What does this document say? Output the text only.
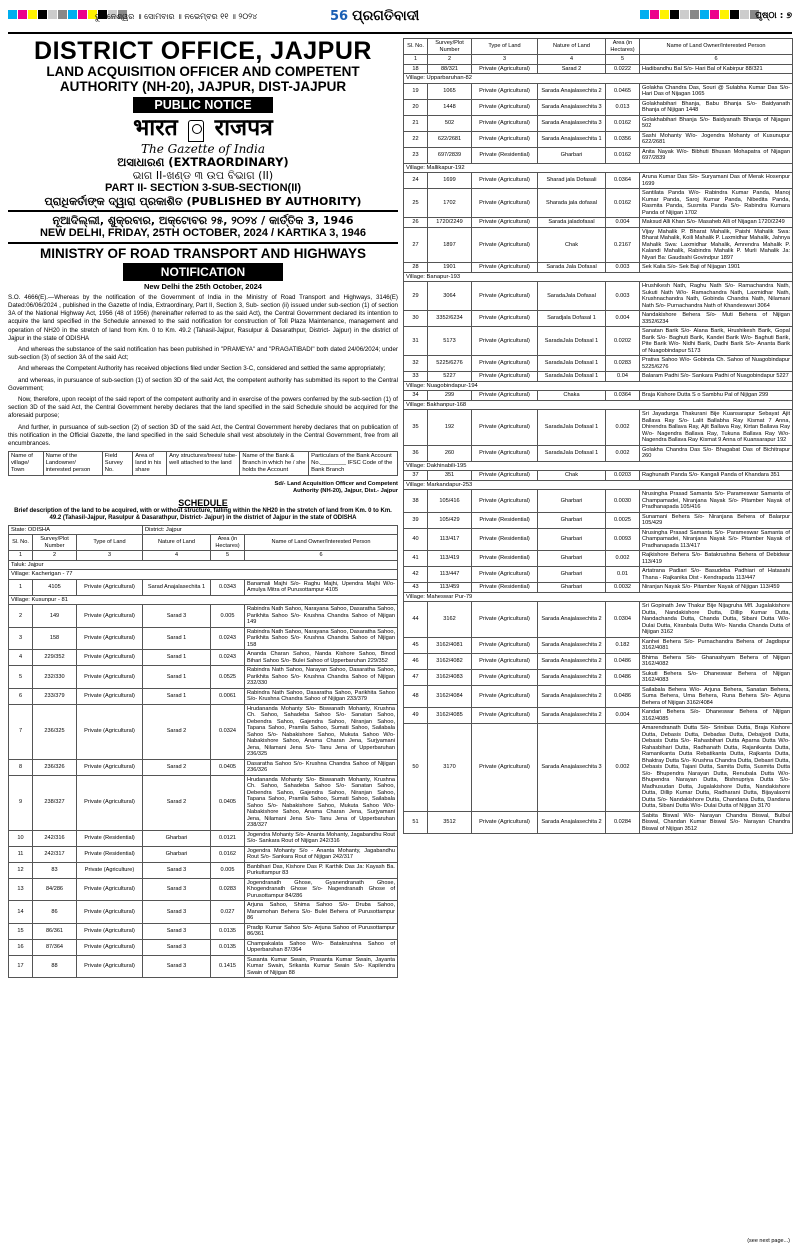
ଭୁବନେଶ୍ୱର ॥ ସୋମବାର ॥ ନଭେମ୍ବର ୧୧ ॥ ୨୦୨୪	56 ପ୍ରଗତିବାଦୀ	ପୃଷ୍ଠା : ୭
DISTRICT OFFICE, JAJPUR
LAND ACQUISITION OFFICER AND COMPETENT AUTHORITY (NH-20), JAJPUR, DIST-JAJPUR
PUBLIC NOTICE
भारत राजपत्र
The Gazette of India
ଅସାଧାରଣ (EXTRAORDINARY)
ଭାଗ II-ଖଣ୍ଡ ୩ ଉପ ବିଭାଗ (II)
PART II- SECTION 3-SUB-SECTION(II)
ପ୍ରାଧିକର୍ତାଙ୍କ ଦ୍ୱାରା ପ୍ରକାଶିତ (PUBLISHED BY AUTHORITY)
ନୂଆଦିଲ୍ଲୀ, ଶୁକ୍ରବାର, ଅକ୍ଟୋବର ୨୫, ୨୦୨୪ / କାର୍ତ୍ତିକ 3, 1946
NEW DELHI, FRIDAY, 25TH OCTOBER, 2024 / KARTIKA 3, 1946
MINISTRY OF ROAD TRANSPORT AND HIGHWAYS
NOTIFICATION
New Delhi the 25th October, 2024

S.O. 4666(E).—Whereas by the notification of the Government of India in the Ministry of Road Transport and Highways, 3146(E) Dated:06/06/2024 , published in the Gazette of India, Extraordinary, Part II, Section 3, Sub- section (ii) issued under sub-section (1) of section 3A of the National Highway Act, 1956 (48 of 1956) (hereinafter referred to as the said Act), the Central Government declared its intention to acquire the land specified in the Schedule annexed to the said notification for construction of Toll Plaza Maintenance, management and operation of NH20 in the stretch of land from Km. 0 to Km. 49.2 (Tahasil-Jajpur, Rasulpur & Dasarathpur, District- Jajpur) in the district of Jajpur in the state of ODISHA

And whereas the substance of the said notification has been published in "PRAMEYA" and "PRAGATIBADI" both dated 24/06/2024; under sub-section (3) of section 3A of the said Act;

And whereas the Competent Authority has received objections filed under Section 3-C, considered and settled the same appropriately;

and whereas, in pursuance of sub-section (1) of section 3D of the said Act, the competent authority has submitted its report to the Central Government;

Now, therefore, upon receipt of the said report of the competent authority and in exercise of the powers conferred by the sub-section (1) of section 3D of the said Act, the Central Government hereby declares that the land specified in the said Schedule should be acquired for the aforesaid purpose;

And further, in pursuance of sub-section (2) of section 3D of the said Act, the Central Government hereby declares that on publication of this notification in the Official Gazette, the land specified in the said Schedule shall vest absolutely in the Central Government, free from all encumbrances.

Name of village/ Town	Name of the Landowner/ interested person	Field Survey No.	Area of land in his share	Any structures/trees/ tube-well attached to the land	Name of the Bank & Branch in which he / she holds the Account	Particulars of the Bank Account No.________ IFSC Code of the Bank Branch
Sd/- Land Acquisition Officer and Competent
Authority (NH-20), Jajpur, Dist.- Jajpur
SCHEDULE
Brief description of the land to be acquired, with or without structure, falling within the NH20 in the stretch of land from Km. 0 to Km. 49.2 (Tahasil-Jajpur, Rasulpur & Dasarathpur, District- Jajpur) in the district of Jajpur in the state of ODISHA
State: ODISHA			District: Jajpur		
Sl. No.	Survey/Plot Number	Type of Land	Nature of Land	Area (in Hectares)	Name of Land Owner/Interested Person
1	2	3	4	5	6
Taluk: Jajpur					
Village: Kacherigan - 77					
1	4105	Private (Agricultural)	Sarad Anajalasechita 1	0.0343	Banamali Majhi S/o- Raghu Majhi, Upendra Majhi W/o- Amulya Mitra of Purusottampur 4105
Village: Kusunpur - 81					
2	149	Private (Agricultural)	Sarad 3	0.005	Rabindra Nath Sahoo, Narayana Sahoo, Dasaratha Sahoo, Parikhita Sahoo S/o- Krushna Chandra Sahoo of Nijigan 149
3	158	Private (Agricultural)	Sarad 1	0.0243	Rabindra Nath Sahoo, Narayana Sahoo, Dasaratha Sahoo, Parikhita Sahoo S/o- Krushna Chandra Sahoo of Nijigan 158
4	229/352	Private (Agricultural)	Sarad 1	0.0243	Ananda Charan Sahoo, Nanda Kishore Sahoo, Binod Bihari Sahoo S/o- Bulei Sahoo of Upperbaruhan 229/352
5	232/330	Private (Agricultural)	Sarad 1	0.0525	Rabindra Nath Sahoo, Narayan Sahoo, Dasaratha Sahoo, Parikhita Sahoo S/o- Krushna Chandra Sahoo of Nijigan 232/330
6	233/379	Private (Agricultural)	Sarad 1	0.0061	Rabindra Nath Sahoo, Dasaratha Sahoo, Parikhita Sahoo S/o- Krushna Chandra Sahoo of Nijigan 233/379
7	236/325	Private (Agricultural)	Sarad 2	0.0324	Hrudananda Mohanty S/o- Biswanath Mohanty, Krushna Ch. Sahoo, Sahadeba Sahoo S/o- Sanatan Sahoo, Debendra Sahoo, Gajendra Sahoo, Niranjan Sahoo, Tapana Sahoo, Pramila Sahoo, Sumati Sahoo, Sailabala Sahoo S/o- Nabakishore Sahoo, Mukuta Sahoo W/o- Nabakishore Sahoo, Anama Charan Jena, Surjyamani Jena, Nilamani Jena S/o- Tanu Jena of Upperbaruhan 236/325
8	236/326	Private (Agricultural)	Sarad 2	0.0405	Dasaratha Sahoo S/o- Krushna Chandra Sahoo of Nijigan 236/326
9	238/327	Private (Agricultural)	Sarad 2	0.0405	Hrudananda Mohanty S/o- Biswanath Mohanty, Krushna Ch. Sahoo, Sahadeba Sahoo S/o- Sanatan Sahoo, Debendra Sahoo, Gajendra Sahoo, Niranjan Sahoo, Tapana Sahoo, Pramila Sahoo, Sumati Sahoo, Sailabala Sahoo S/o- Nabakishore Sahoo, Mukuta Sahoo W/o- Nabakishore Sahoo, Anama Charan Jena, Surjyamani Jena, Nilamani Jena S/o- Tanu Jena of Upperbaruhan 238/327
10	242/316	Private (Residential)	Gharbari	0.0121	Jogendra Mohanty S/o- Ananta Mohanty, Jagabandhu Rout S/o- Sankara Rout of Nijigan 242/316
11	242/317	Private (Residential)	Gharbari	0.0162	Jogendra Mohanty S/o - Ananta Mohanty, Jagabandhu Rout S/o- Sankara Rout of Nijigan 242/317
12	83	Private (Agriculture)	Sarad 3	0.005	Banbihari Das, Kishore Das P. Karthik Das Ja: Kayash Ba. Purkuttampur 83
13	84/286	Private (Agricultural)	Sarad 3	0.0283	Jogendranath Ghose, Gyanendranath Ghose, Khogendranath Ghose S/o- Nagendranath Ghose of Purusottampur 84/286
14	86	Private (Agricultural)	Sarad 3	0.027	Arjuna Sahoo, Shima Sahoo S/o- Druba Sahoo, Manamohan Behera S/o- Bulei Behera of Purusottampur 86
15	86/361	Private (Agricultural)	Sarad 3	0.0135	Pradip Kumar Sahoo S/o- Arjuna Sahoo of Purusottampur 86/361
16	87/364	Private (Agricultural)	Sarad 3	0.0135	Champakalata Sahoo W/o- Batakrushna Sahoo of Upperbaruhan 87/364
17	88	Private (Agricultural)	Sarad 3	0.1415	Susanta Kumar Swain, Prasanta Kumar Swain, Jayanta Kumar Swain, Srikanta Kumar Swain S/o- Kapilendra Swain of Nijigan 88
Sl. No.	Survey/Plot Number	Type of Land	Nature of Land	Area (in Hectares)	Name of Land Owner/Interested Person
1	2	3	4	5	6
18	88/321	Private (Agricultural)	Sarad 2	0.0222	Hadibandhu Bal S/o- Hari Bal of Kabirpur 88/321
Village: Upparbaruhan-82					
19	1065	Private (Agricultural)	Sarada Anajalasechita 2	0.0465	Golakha Chandra Das, Souri @ Sulabha Kumar Das S/o- Hari Das of Nijagan 1065
20	1448	Private (Agricultural)	Sarada Anajalasechita 3	0.013	Golakhabihari Bhanja, Babu Bhanja S/o- Baidyanath Bhanja of Nijigan 1448
21	502	Private (Agricultural)	Sarada Anajalasechita 3	0.0162	Golakhabihari Bhanja S/o- Baidyanath Bhanja of Nijagan 502
22	622/2681	Private (Agricultural)	Sarada Anajalasechita 1	0.0356	Sashi Mohanty W/o- Jogendra Mohanty of Kusunupur 622/2681
23	697/2839	Private (Residential)	Gharbari	0.0162	Anita Nayak W/o- Bibhuti Bhusan Mohapatra of Nijagan 697/2839
Village: Mallikapur-192					
24	1699	Private (Agricultural)	Sharad jala Dofasali	0.0364	Aruna Kumar Das S/o- Suryamani Das of Merak Hosenpur 1699
25	1702	Private (Agricultural)	Sharada jala dofasal	0.0162	Santilata Panda W/o- Rabindra Kumar Panda, Manoj Kumar Panda, Saroj Kumar Panda, Nibedita Panda, Rasmita Panda, Susmita Panda S/o- Rabindra Kumara Panda of Nijigan 1702
26	1720/2249	Private (Agricultural)	Sarada jaladofasal	0.004	Maksud Alli Khan S/o- Masaheb Alli of Nijagan 1720/2249
27	1897	Private (Agricultural)	Chak	0.2167	Vijay Mahalik P. Bharat Mahalik, Paishi Mahalik Swa: Bharat Mahalik, Koili Mahalik P. Laxmidhar Mahalik, Jahnya Mahalik Swa: Laxmidhar Mahalik, Amrendra Mahalik P. Kalandi Mahalik, Rabindra Mahalik P. Murli Mahalik Ja: Niyari Ba: Gaudsahi Govindpur 1897
28	1901	Private (Agricultural)	Sarada Jala Dofasal	0.003	Sek Kalia S/o- Sek Baji of Nijagan 1901
Village: Banapur-193					
29	3064	Private (Agricultural)	SaradaJala Dofasal	0.003	Hrushikesh Nath, Raghu Nath S/o- Ramachandra Nath, Sukuti Nath W/o- Ramachandra Nath, Laxmidhar Nath, Krushnachandra Nath, Gobinda Chandra Nath, Nilamani Nath S/o- Purnachandra Nath of Khandeswari 3064
30	3352/6234	Private (Agricultural)	Saradjala Dofasal 1	0.004	Nandakishore Behera S/o- Muti Behera of Nijigan 3352/6234
31	5173	Private (Agricultural)	SaradaJala Dofasal 1	0.0202	Sanatan Barik S/o- Alana Barik, Hrushikesh Barik, Gopal Barik S/o- Baghuti Barik, Kandei Barik W/o- Baghuti Barik, Pite Barik W/o- Nidhi Barik, Dadhi Barik S/o- Ananta Barik of Nuagobindapur 5173
32	5225/6276	Private (Agricultural)	SaradaJala Dofasal 1	0.0283	Prativa Sahoo W/o- Gobinda Ch. Sahoo of Nuagobindapur 5225/6276
33	5227	Private (Agricultural)	SaradaJala Dofasal 1	0.04	Balaram Padhi S/o- Sankara Padhi of Nuagobindapur 5227
Village: Nuagobindapur-194					
34	299	Private (Agricultural)	Chaka	0.0364	Braja Kishore Dutta S o Sambhu Pal of Nijigan 299
Village: Bakhanpur-168					
35	192	Private (Agricultural)	SaradaJala Dofasal 1	0.002	Sri Jayadurga Thakurani Bije Kuansarapur Sebayat Ajit Ballava Ray S/o- Lalit Ballabha Ray Kismat 7 Anna, Dhirendra Ballava Ray, Ajit Ballava Ray, Kirtan Ballava Ray W/o- Nagendra Ballava Ray, Tukuna Ballava Ray W/o- Nagendra Ballava Ray Kismat 9 Anna of Kuansarapur 192
36	260	Private (Agricultural)	SaradaJala Dofasal 1	0.002	Golakha Chandra Das S/o- Bhagabat Das of Bichitrapur 260
Village: Dakhinabili-195					
37	351	Private (Agricultural)	Chak	0.0203	Raghunath Panda S/o- Kangali Panda of Khandara 351
Village: Markandapur-253					
38	105/416	Private (Agricultural)	Gharbari	0.0030	Nrusingha Prasad Samanta S/o- Parameswar Samanta of Champamadei, Niranjana Nayak S/o- Pitamber Nayak of Pradhanapada 105/416
39	105/429	Private (Residential)	Gharbari	0.0025	Sunamani Behera S/o- Niranjana Behera of Balarpur 105/429
40	113/417	Private (Residential)	Gharbari	0.0093	Nrusingha Prasad Samanta S/o- Parameswar Samanta of Champamadei, Niranjana Nayak S/o- Pitamber Nayak of Pradhanapada 113/417
41	113/419	Private (Residential)	Gharbari	0.002	Rajkishore Behera S/o- Batakrushna Behera of Debidwar 113/419
42	113/447	Private (Agricultural)	Gharbari	0.01	Artatrana Padiari S/o- Basudeba Padhiari of Hatasahi Thana - Rajkanika Dist - Kendrapada 113/447
43	113/459	Private (Residential)	Gharbari	0.0032	Niranjan Nayak S/o- Pitamber Nayak of Nijigan 113/459
Village: Maheswar Pur-79					
44	3162	Private (Agricultural)	Sarada Anajalasechita 2	0.0304	Sri Gopinath Jew Thakur Bije Nijagruha Mfl. Jugalakishore Dutta, Nandakishore Dutta, Dillip Kumar Dutta, Nandachanda Dutta, Chanda Dutta, Sibani Dutta W/o- Dulai Dutta, Kiranbala Dutta W/o- Nandia Chanda Dutta of Nijigan 3162
45	3162/4081	Private (Agricultural)	Sarada Anajalasechita 2	0.182	Kanhei Behera S/o- Purnachandra Behera of Jagdispur 3162/4081
46	3162/4082	Private (Agricultural)	Sarada Anajalasechita 2	0.0486	Bhima Behera S/o- Ghanashyam Behera of Nijigan 3162/4082
47	3162/4083	Private (Agricultural)	Sarada Anajalasechita 2	0.0486	Sukuti Behera S/o- Dhaneswar Behera of Nijigan 3162/4083
48	3162/4084	Private (Agricultural)	Sarada Anajalasechita 2	0.0486	Sailabala Behera W/o- Arjuna Behera, Sanatan Behera, Suma Behera, Uma Behera, Runa Behera S/o- Arjuna Behera of Nijigan 3162/4084
49	3162/4085	Private (Agricultural)	Sarada Anajalasechita 2	0.004	Kandari Behera S/o- Dhaneswar Behera of Nijigan 3162/4085
50	3170	Private (Agricultural)	Sarada Anajalasechita 3	0.002	Amarendranath Dutta S/o- Srinibas Dutta, Braja Kishore Dutta, Debasis Dutta, Debadas Dutta, Debajyoti Dutta, Debasis Dutta S/o- Rahasbihari Dutta Aparna Dutta W/o- Rahasbihari Dutta, Radhanath Dutta, Rajanikanta Dutta, Ramanikanta Dutta Rebatikanta Dutta, Rajkanta Dutta, Bhaktray Dutta S/o- Krushna Chandra Dutta, Debasri Dutta, Debasis Dutta, Tajani Dutta, Samita Dutta, Susmita Dutta S/o- Bhupendra Narayan Dutta, Renubala Dutta W/o- Bhupendra Narayan Dutta, Bishnupriya Dutta S/o- Madhusudan Dutta, Jugalakishore Dutta, Nandakishore Dutta, Dillip Kumar Dutta, Radharani Dutta, Bijayalaxmi Dutta S/o- Nandakishore Dutta, Chandana Dutta, Dandana Dutta, Sibani Dutta W/o- Dulai Dutta of Nijigan 3170
51	3512	Private (Agricultural)	Sarada Anajalasechita 2	0.0284	Sabita Biswal W/o- Narayan Chandra Biswal, Bulbul Biswal, Chandan Kumar Biswal S/o- Narayan Chandra Biswal of Nijigan 3512
(see next page...)
